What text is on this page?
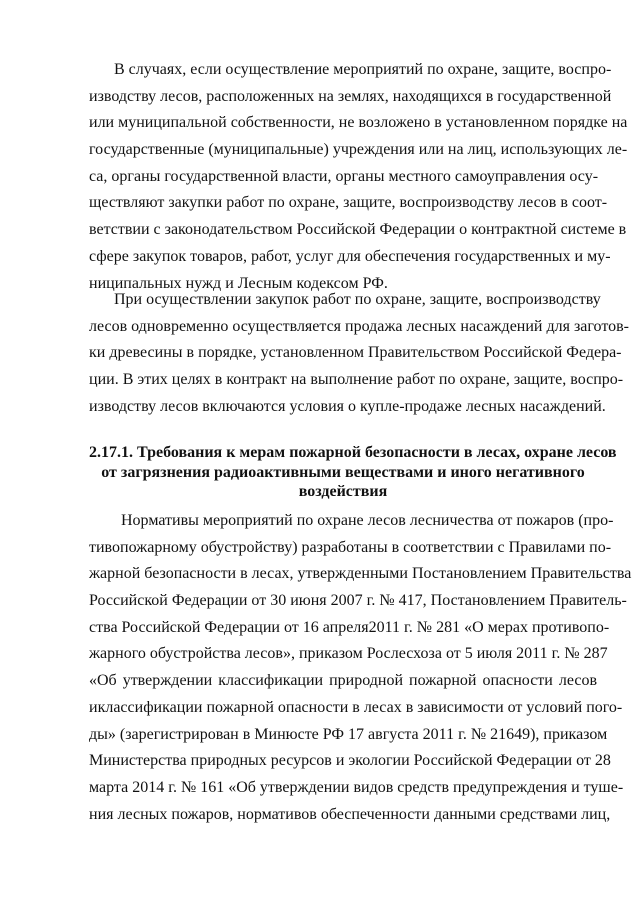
В случаях, если осуществление мероприятий по охране, защите, воспро-
изводству лесов, расположенных на землях, находящихся в государственной
или муниципальной собственности, не возложено в установленном порядке на
государственные (муниципальные) учреждения или на лиц, использующих ле-
са, органы государственной власти, органы местного самоуправления осу-
ществляют закупки работ по охране, защите, воспроизводству лесов в соот-
ветствии с законодательством Российской Федерации о контрактной системе в
сфере закупок товаров, работ, услуг для обеспечения государственных и му-
ниципальных нужд и Лесным кодексом РФ.
При осуществлении закупок работ по охране, защите, воспроизводству
лесов одновременно осуществляется продажа лесных насаждений для заготов-
ки древесины в порядке, установленном Правительством Российской Федера-
ции. В этих целях в контракт на выполнение работ по охране, защите, воспро-
изводству лесов включаются условия о купле-продаже лесных насаждений.
2.17.1. Требования к мерам пожарной безопасности в лесах, охране лесов
от загрязнения радиоактивными веществами и иного негативного
воздействия
Нормативы мероприятий по охране лесов лесничества от пожаров (про-
тивопожарному обустройству) разработаны в соответствии с Правилами по-
жарной безопасности в лесах, утвержденными Постановлением Правительства
Российской Федерации от 30 июня 2007 г. № 417, Постановлением Правитель-
ства Российской Федерации от 16 апреля2011 г. № 281 «О мерах противопо-
жарного обустройства лесов», приказом Рослесхоза от 5 июля 2011 г. № 287
«Об утверждении классификации природной пожарной опасности лесов
иклассификации пожарной опасности в лесах в зависимости от условий пого-
ды» (зарегистрирован в Минюсте РФ 17 августа 2011 г. № 21649), приказом
Министерства природных ресурсов и экологии Российской Федерации от 28
марта 2014 г. № 161 «Об утверждении видов средств предупреждения и туше-
ния лесных пожаров, нормативов обеспеченности данными средствами лиц,
